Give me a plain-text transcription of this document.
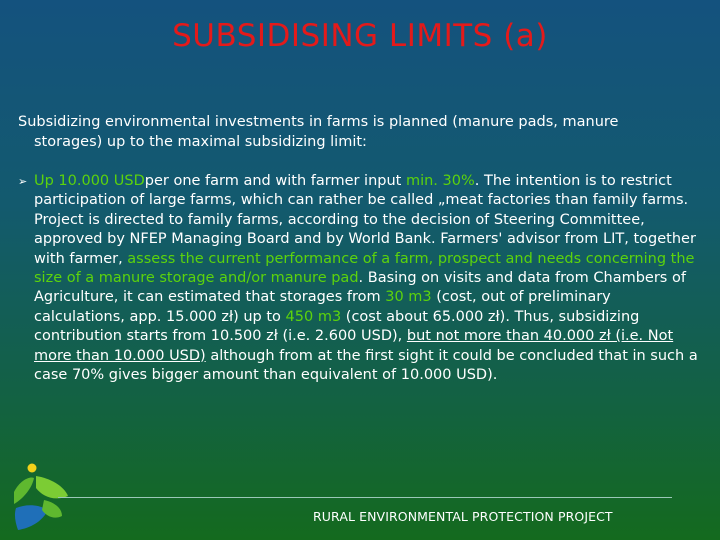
SUBSIDISING LIMITS (a)
Subsidizing environmental investments in farms is planned (manure pads, manure
storages) up to the maximal subsidizing limit:
➢ Up 10.000 USDper one farm and with farmer input min. 30%. The intention is to restrict participation of large farms, which can rather be called „meat factories than family farms. Project is directed to family farms, according to the decision of Steering Committee, approved by NFEP Managing Board and by World Bank. Farmers' advisor from LIT, together with farmer, assess the current performance of a farm, prospect and needs concerning the size of a manure storage and/or manure pad. Basing on visits and data from Chambers of Agriculture, it can estimated that storages from 30 m3 (cost, out of preliminary calculations, app. 15.000 zł) up to 450 m3 (cost about 65.000 zł). Thus, subsidizing contribution starts from 10.500 zł (i.e. 2.600 USD), but not more than 40.000 zł (i.e. Not more than 10.000 USD) although from at the first sight it could be concluded that in such a case 70% gives bigger amount than equivalent of 10.000 USD).
RURAL ENVIRONMENTAL PROTECTION PROJECT
